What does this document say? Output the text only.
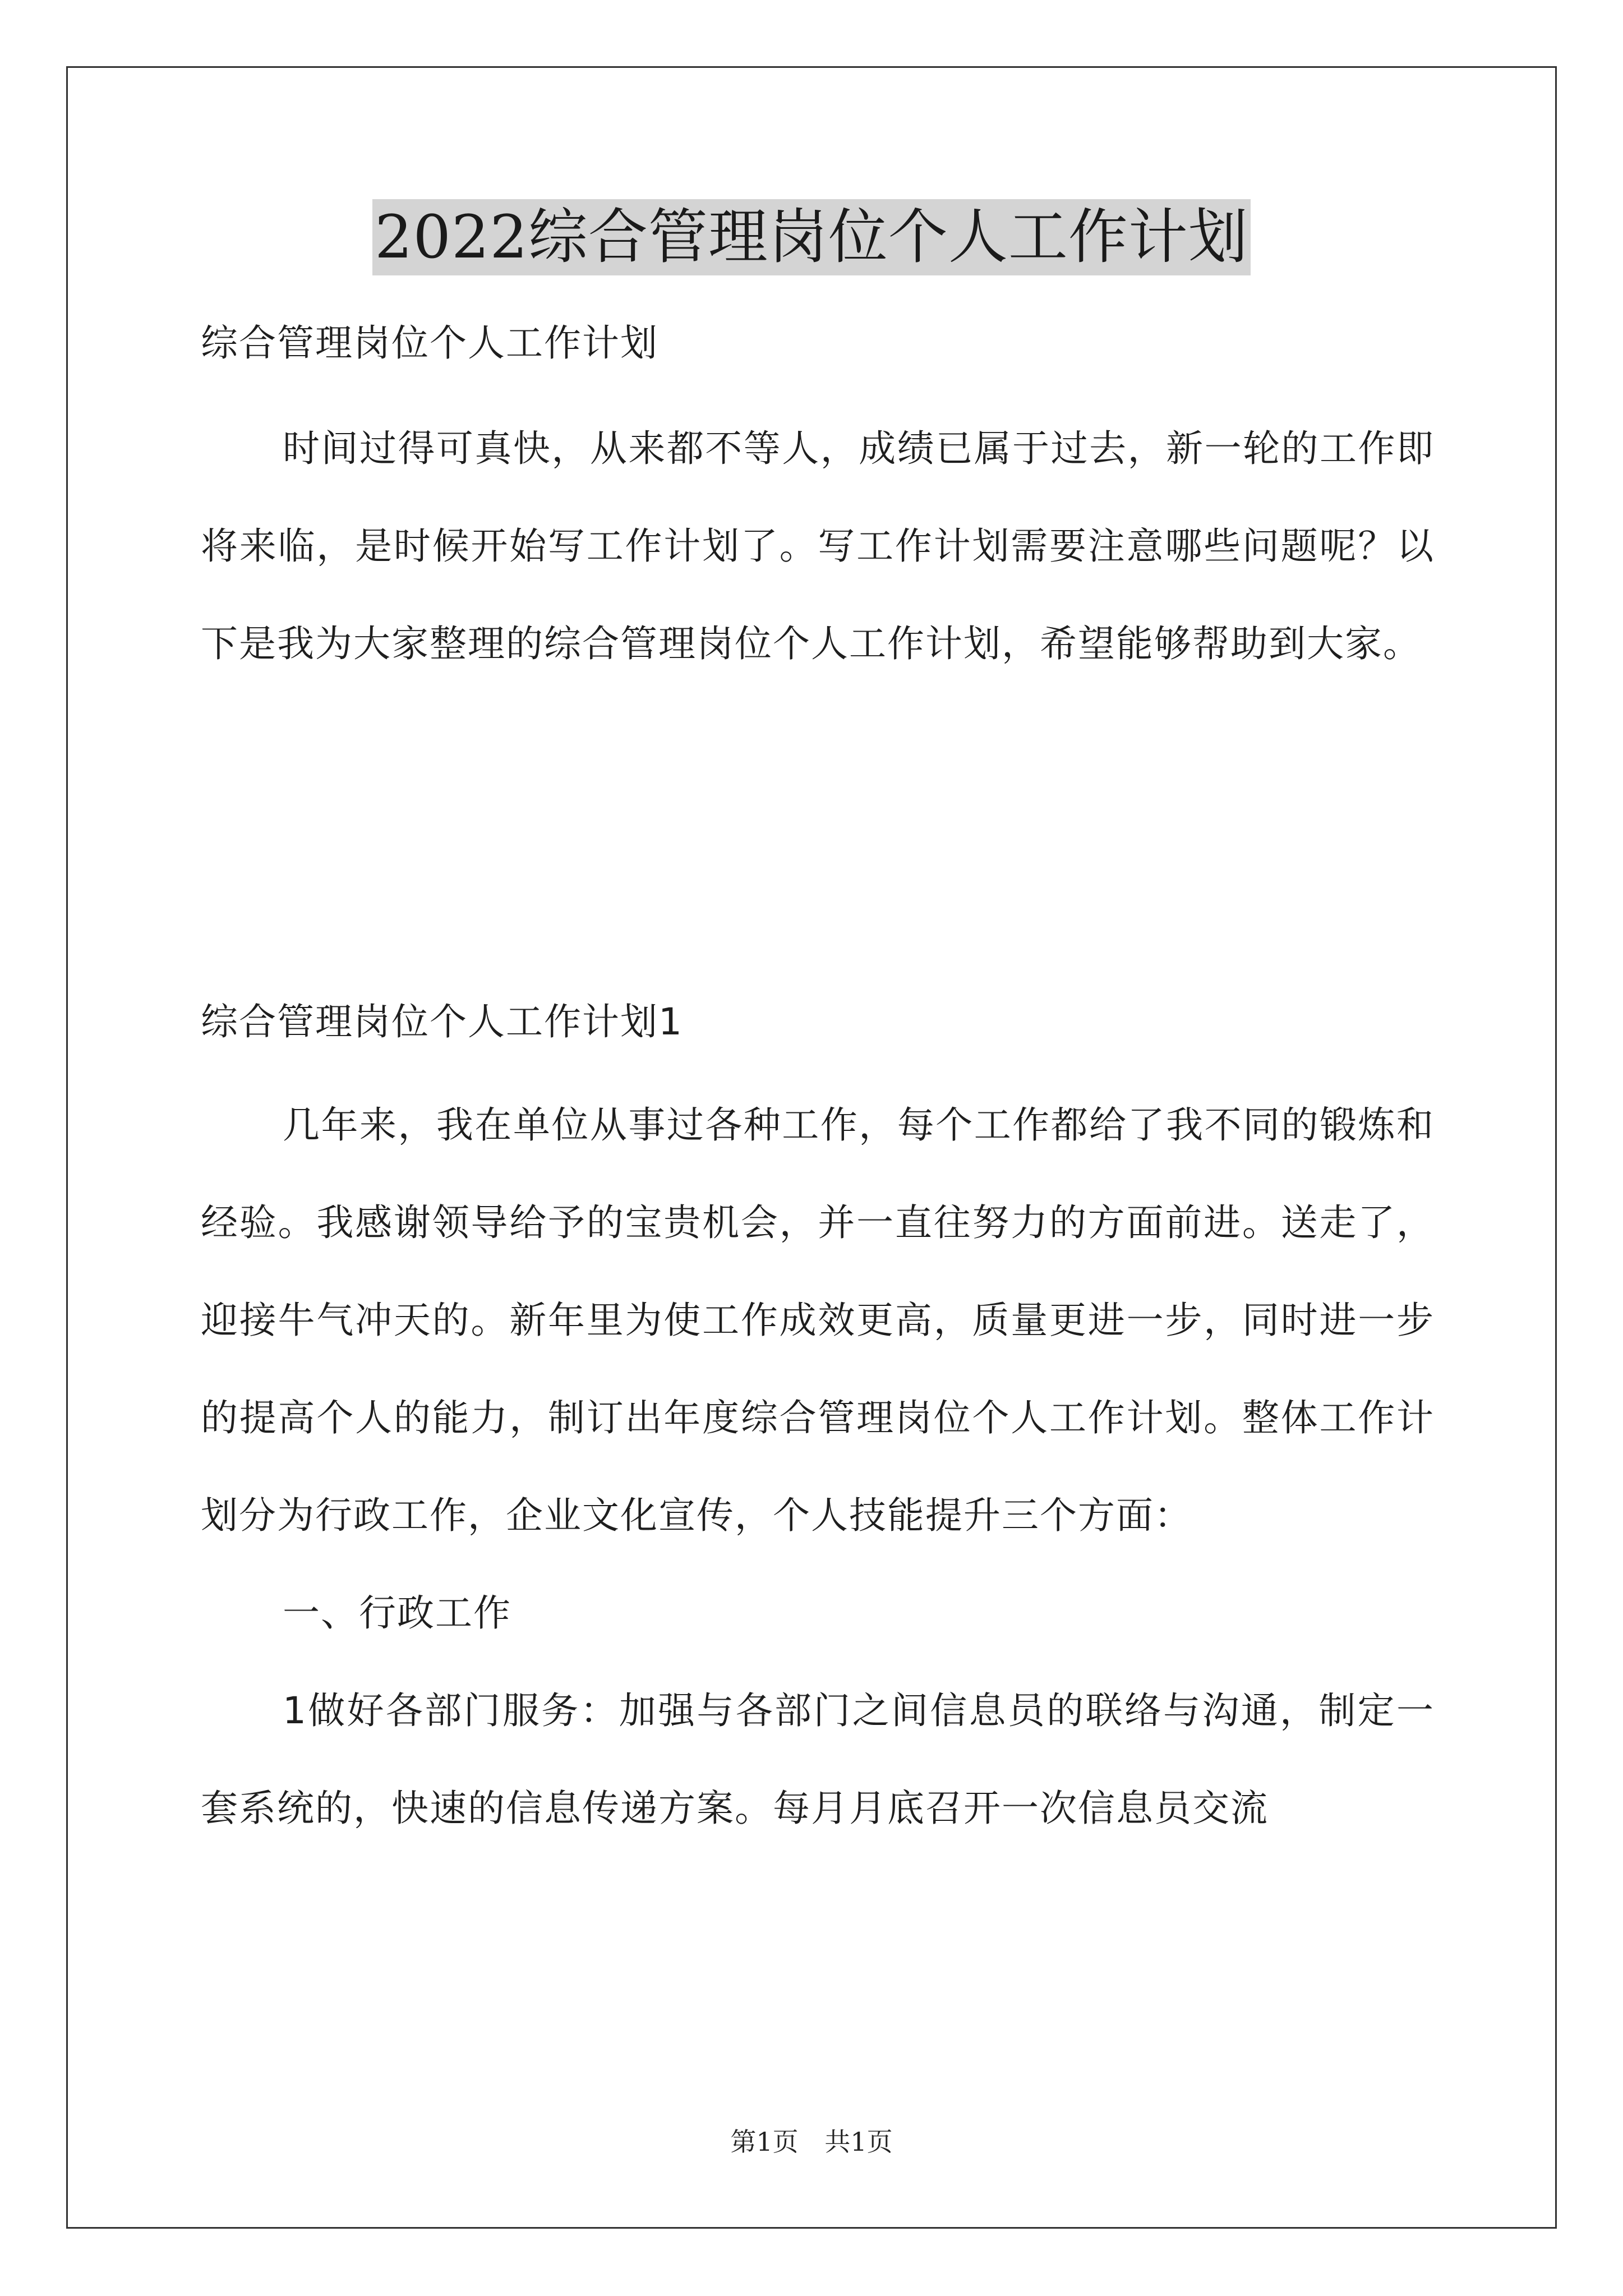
2022综合管理岗位个人工作计划

综合管理岗位个人工作计划

时间过得可真快，从来都不等人，成绩已属于过去，新一轮的工作即将来临，是时候开始写工作计划了。写工作计划需要注意哪些问题呢？以下是我为大家整理的综合管理岗位个人工作计划，希望能够帮助到大家。

综合管理岗位个人工作计划1

几年来，我在单位从事过各种工作，每个工作都给了我不同的锻炼和经验。我感谢领导给予的宝贵机会，并一直往努力的方面前进。送走了，迎接牛气冲天的。新年里为使工作成效更高，质量更进一步，同时进一步的提高个人的能力，制订出年度综合管理岗位个人工作计划。整体工作计划分为行政工作，企业文化宣传，个人技能提升三个方面：

一、行政工作

1做好各部门服务：加强与各部门之间信息员的联络与沟通，制定一套系统的，快速的信息传递方案。每月月底召开一次信息员交流

第1页 共1页
